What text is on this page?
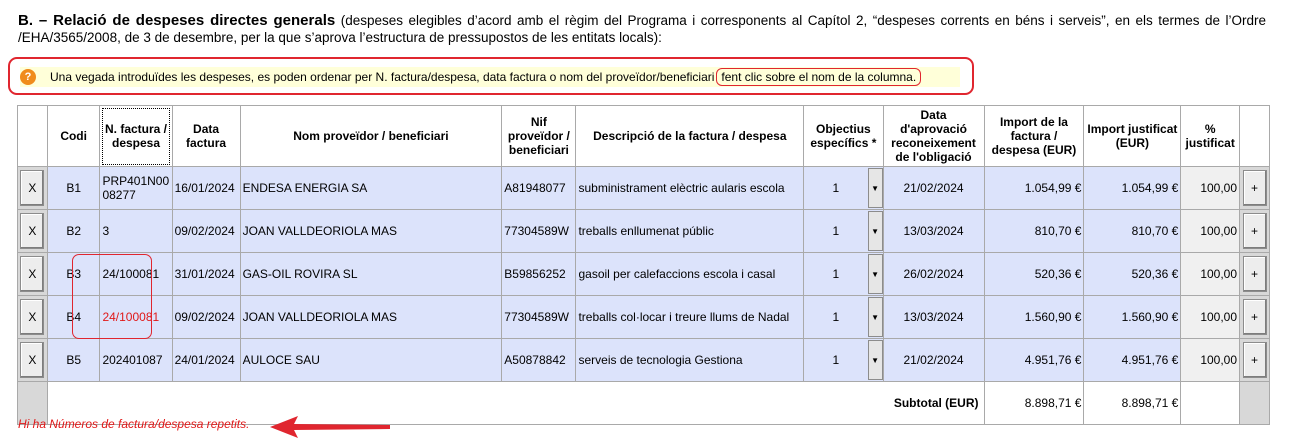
B. – Relació de despeses directes generals (despeses elegibles d’acord amb el règim del Programa i corresponents al Capítol 2, “despeses corrents en béns i serveis”, en els termes de l’Ordre /EHA/3565/2008, de 3 de desembre, per la que s’aprova l’estructura de pressupostos de les entitats locals):
?	Una vegada introduïdes les despeses, es poden ordenar per N. factura/despesa, data factura o nom del proveïdor/beneficiari fent clic sobre el nom de la columna.
	Codi	N. factura / despesa	Data factura	Nom proveïdor / beneficiari	Nif proveïdor / beneficiari	Descripció de la factura / despesa	Objectius específics *	Data d'aprovació reconeixement de l'obligació	Import de la factura / despesa (EUR)	Import justificat (EUR)	% justificat	
X	B1	PRP401N0008277	16/01/2024	ENDESA ENERGIA SA	A81948077	subministrament elèctric aularis escola	1 ▼	21/02/2024	1.054,99 €	1.054,99 €	100,00	+
X	B2	3	09/02/2024	JOAN VALLDEORIOLA MAS	77304589W	treballs enllumenat públic	1 ▼	13/03/2024	810,70 €	810,70 €	100,00	+
X	B3	24/100081	31/01/2024	GAS-OIL ROVIRA SL	B59856252	gasoil per calefaccions escola i casal	1 ▼	26/02/2024	520,36 €	520,36 €	100,00	+
X	B4	24/100081	09/02/2024	JOAN VALLDEORIOLA MAS	77304589W	treballs col·locar i treure llums de Nadal	1 ▼	13/03/2024	1.560,90 €	1.560,90 €	100,00	+
X	B5	202401087	24/01/2024	AULOCE SAU	A50878842	serveis de tecnologia Gestiona	1 ▼	21/02/2024	4.951,76 €	4.951,76 €	100,00	+
	Subtotal (EUR)								8.898,71 €	8.898,71 €		
Hi ha Números de factura/despesa repetits.
